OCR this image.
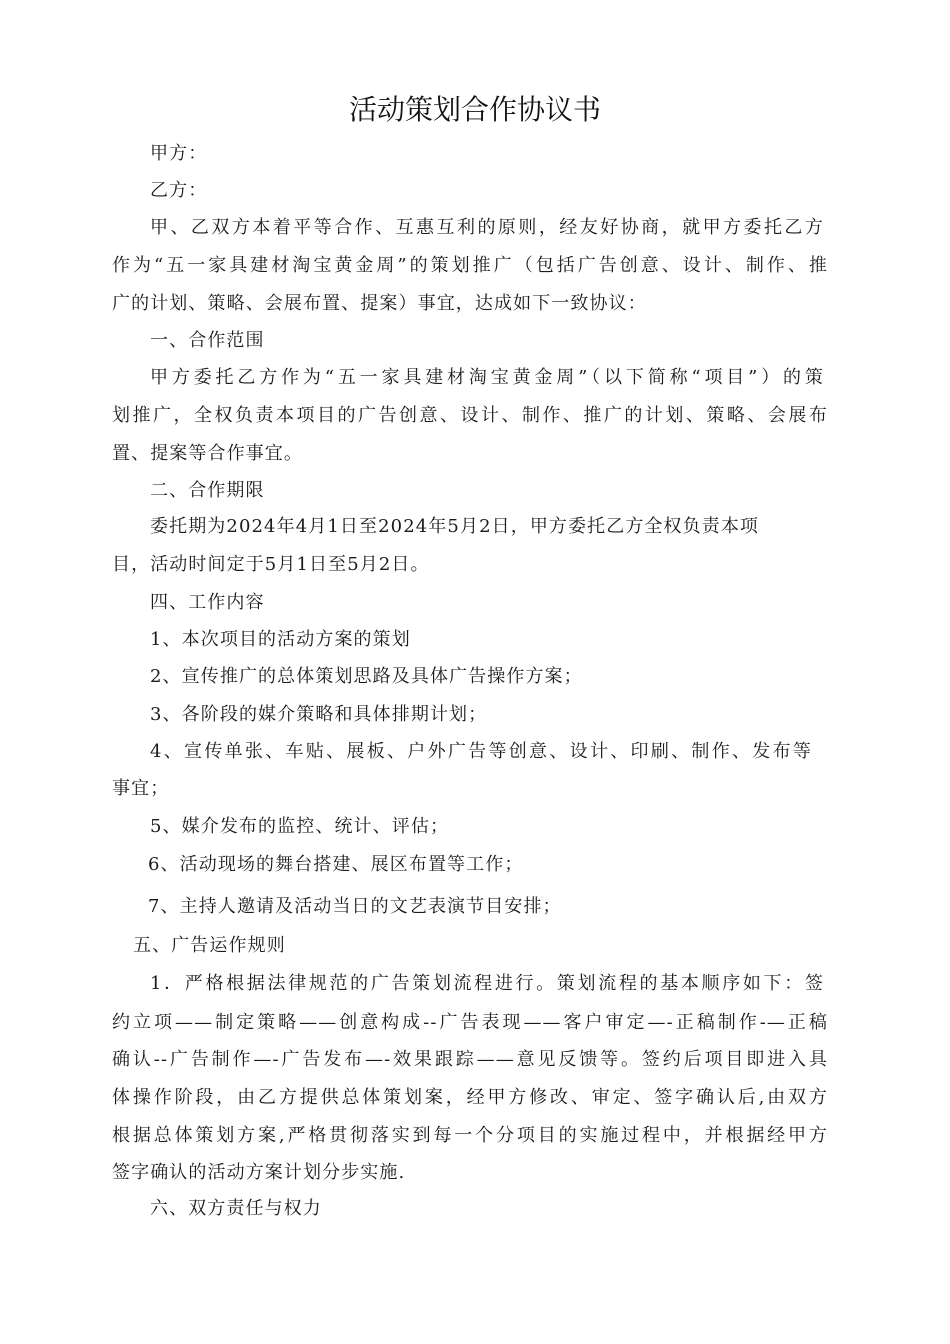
活动策划合作协议书
甲方：
乙方：
甲、乙双方本着平等合作、互惠互利的原则，经友好协商，就甲方委托乙方
作为“五一家具建材淘宝黄金周”的策划推广（包括广告创意、设计、制作、推
广的计划、策略、会展布置、提案）事宜，达成如下一致协议：
一、合作范围
甲方委托乙方作为“五一家具建材淘宝黄金周”（以下简称“项目”）的策
划推广，全权负责本项目的广告创意、设计、制作、推广的计划、策略、会展布
置、提案等合作事宜。
二、合作期限
委托期为2024年4月1日至2024年5月2日，甲方委托乙方全权负责本项
目，活动时间定于5月1日至5月2日。
四、工作内容
1、本次项目的活动方案的策划
2、宣传推广的总体策划思路及具体广告操作方案；
3、各阶段的媒介策略和具体排期计划；
4、宣传单张、车贴、展板、户外广告等创意、设计、印刷、制作、发布等
事宜；
5、媒介发布的监控、统计、评估；
6、活动现场的舞台搭建、展区布置等工作；
7、主持人邀请及活动当日的文艺表演节目安排；
五、广告运作规则
1．严格根据法律规范的广告策划流程进行。策划流程的基本顺序如下：签
约立项——制定策略——创意构成--广告表现——客户审定—-正稿制作-—正稿
确认--广告制作—-广告发布—-效果跟踪——意见反馈等。签约后项目即进入具
体操作阶段，由乙方提供总体策划案，经甲方修改、审定、签字确认后,由双方
根据总体策划方案,严格贯彻落实到每一个分项目的实施过程中，并根据经甲方
签字确认的活动方案计划分步实施.
六、双方责任与权力
